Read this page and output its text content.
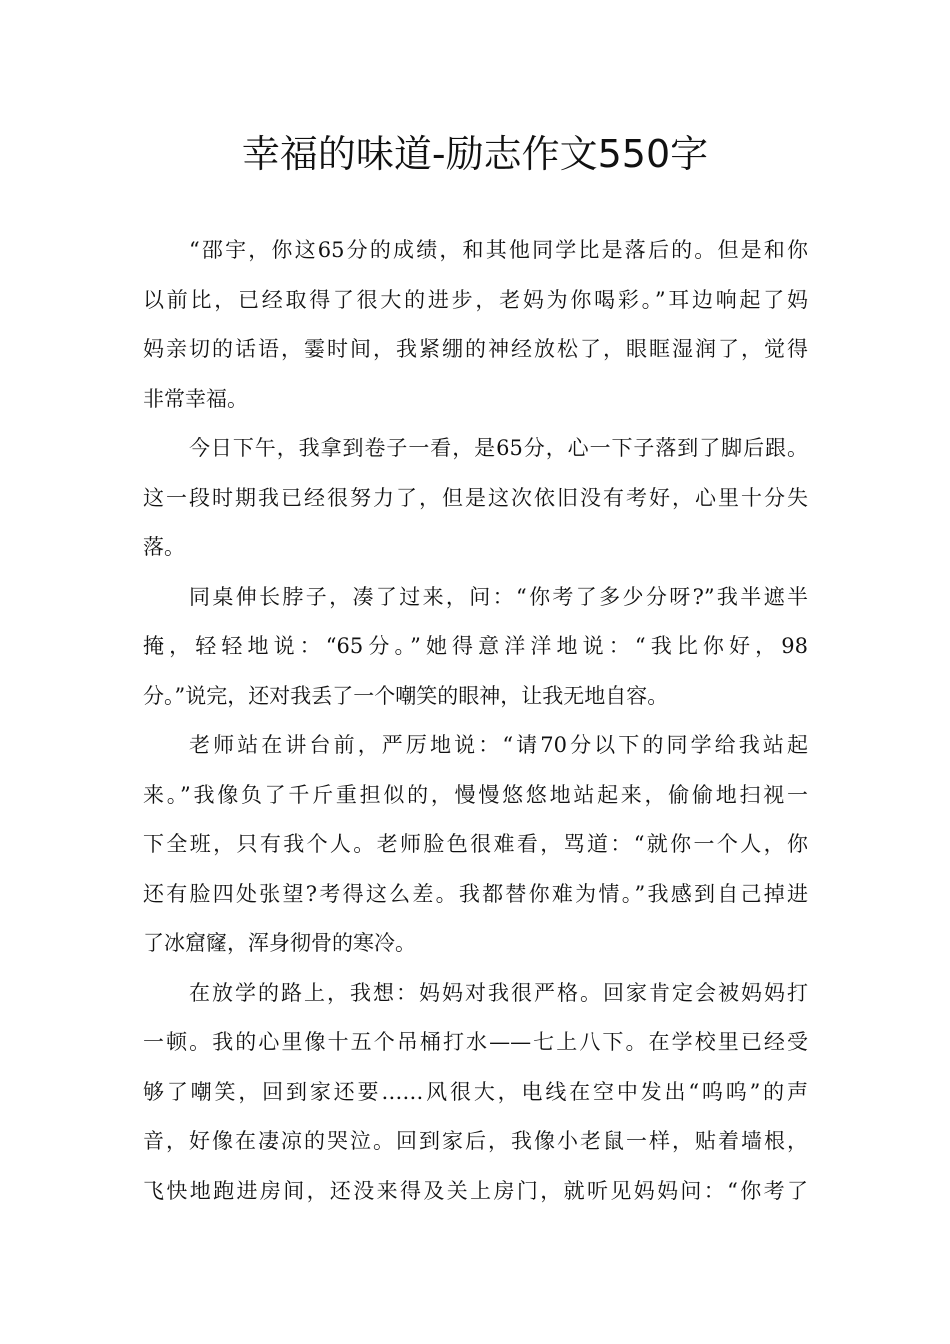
幸福的味道-励志作文550字
“邵宇，你这65分的成绩，和其他同学比是落后的。但是和你
以前比，已经取得了很大的进步，老妈为你喝彩。”耳边响起了妈
妈亲切的话语，霎时间，我紧绷的神经放松了，眼眶湿润了，觉得
非常幸福。
今日下午，我拿到卷子一看，是65分，心一下子落到了脚后跟。
这一段时期我已经很努力了，但是这次依旧没有考好，心里十分失
落。
同桌伸长脖子，凑了过来，问：“你考了多少分呀?”我半遮半
掩，轻轻地说：“65分。”她得意洋洋地说：“我比你好，98
分。”说完，还对我丢了一个嘲笑的眼神，让我无地自容。
老师站在讲台前，严厉地说：“请70分以下的同学给我站起
来。”我像负了千斤重担似的，慢慢悠悠地站起来，偷偷地扫视一
下全班，只有我个人。老师脸色很难看，骂道：“就你一个人，你
还有脸四处张望?考得这么差。我都替你难为情。”我感到自己掉进
了冰窟窿，浑身彻骨的寒冷。
在放学的路上，我想：妈妈对我很严格。回家肯定会被妈妈打
一顿。我的心里像十五个吊桶打水——七上八下。在学校里已经受
够了嘲笑，回到家还要……风很大，电线在空中发出“呜呜”的声
音，好像在凄凉的哭泣。回到家后，我像小老鼠一样，贴着墙根，
飞快地跑进房间，还没来得及关上房门，就听见妈妈问：“你考了
